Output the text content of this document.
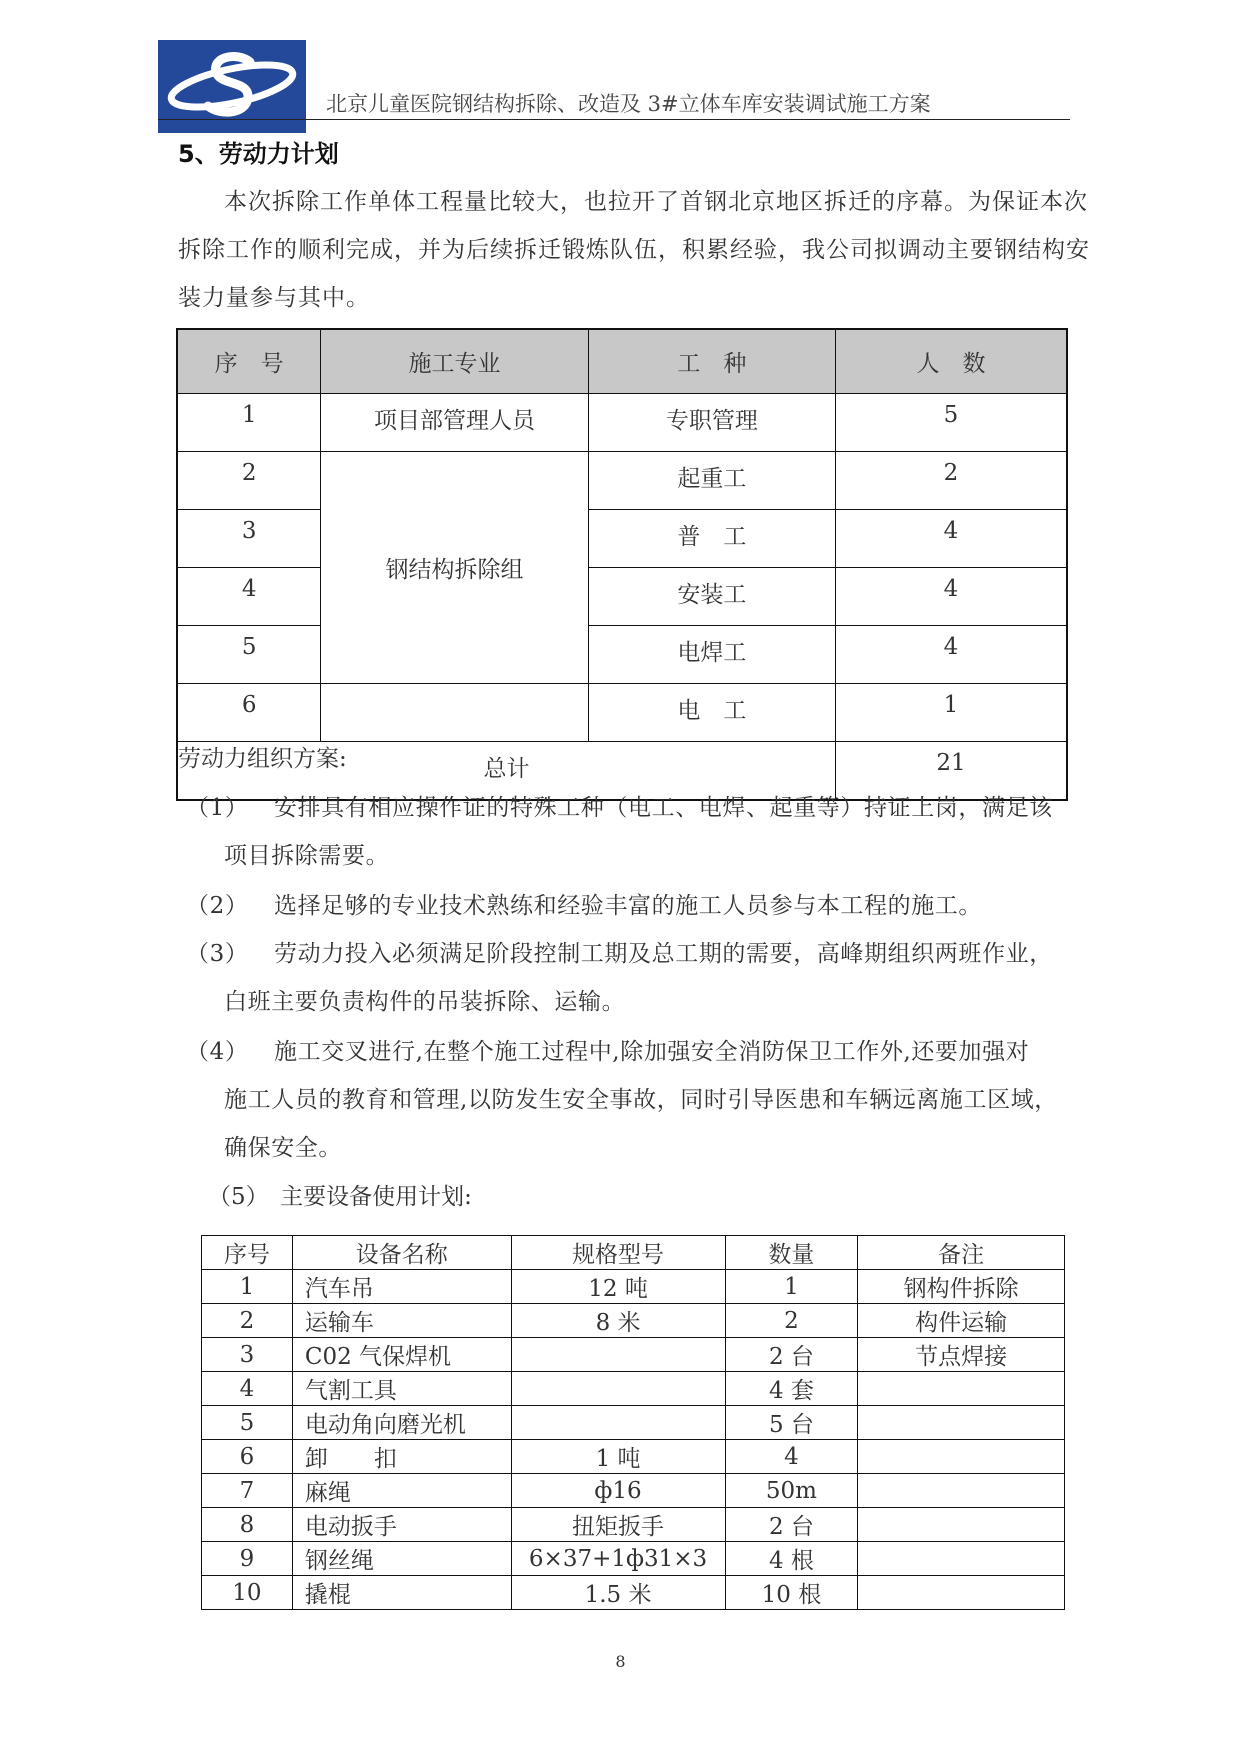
北京儿童医院钢结构拆除、改造及 3#立体车库安装调试施工方案
5、劳动力计划
本次拆除工作单体工程量比较大，也拉开了首钢北京地区拆迁的序幕。为保证本次拆除工作的顺利完成，并为后续拆迁锻炼队伍，积累经验，我公司拟调动主要钢结构安装力量参与其中。
序　号	施工专业	工　种	人　数
1	项目部管理人员	专职管理	5
2	钢结构拆除组	起重工	2
3		普　工	4
4		安装工	4
5		电焊工	4
6		电　工	1
总计			21
劳动力组织方案:
（1） 安排具有相应操作证的特殊工种（电工、电焊、起重等）持证上岗，满足该
项目拆除需要。
（2） 选择足够的专业技术熟练和经验丰富的施工人员参与本工程的施工。
（3） 劳动力投入必须满足阶段控制工期及总工期的需要，高峰期组织两班作业，
白班主要负责构件的吊装拆除、运输。
（4） 施工交叉进行,在整个施工过程中,除加强安全消防保卫工作外,还要加强对
施工人员的教育和管理,以防发生安全事故，同时引导医患和车辆远离施工区域，
确保安全。
（5）　主要设备使用计划:
序号	设备名称	规格型号	数量	备注
1	汽车吊	12 吨	1	钢构件拆除
2	运输车	8 米	2	构件运输
3	C02 气保焊机		2 台	节点焊接
4	气割工具		4 套	
5	电动角向磨光机		5 台	
6	卸　　扣	1 吨	4	
7	麻绳	ф16	50m	
8	电动扳手	扭矩扳手	2 台	
9	钢丝绳	6×37+1ф31×3	4 根	
10	撬棍	1.5 米	10 根	
8
